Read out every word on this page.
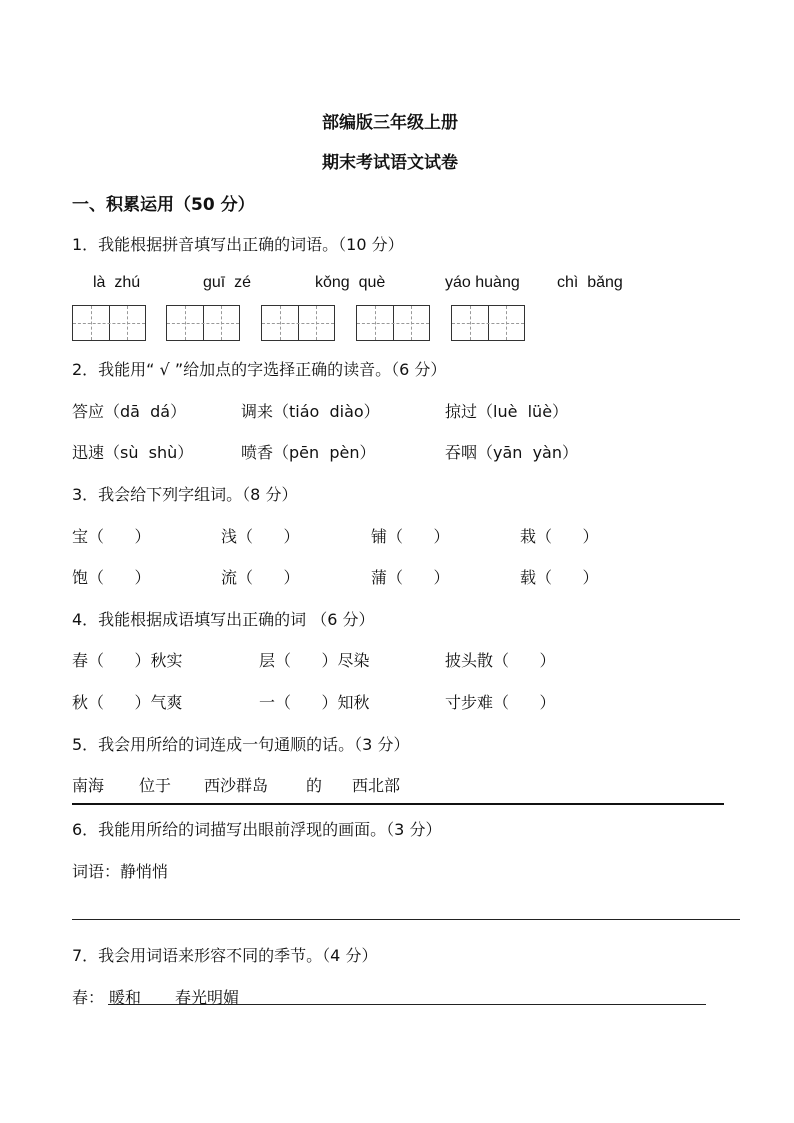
部编版三年级上册
期末考试语文试卷
一、积累运用（50 分）
1．我能根据拼音填写出正确的词语。（10 分）
là  zhú	guī  zé	kǒng  què	yáo huàng chì  bǎng
2．我能用“ √ ”给加点的字选择正确的读音。（6 分）
答应（dā  dá）	调来（tiáo  diào）	掠过（luè  lüè）
迅速（sù  shù）	喷香（pēn  pèn）	吞咽（yān  yàn）
3．我会给下列字组词。（8 分）
宝（      ）	浅（      ）	铺（      ）	栽（      ）
饱（      ）	流（      ）	蒲（      ）	载（      ）
4．我能根据成语填写出正确的词 （6 分）
春（      ）秋实	层（      ）尽染	披头散（      ）
秋（      ）气爽	一（      ）知秋	寸步难（      ）
5．我会用所给的词连成一句通顺的话。（3 分）
南海 位于 西沙群岛 的 西北部
6．我能用所给的词描写出眼前浮现的画面。（3 分）
词语：静悄悄
7．我会用词语来形容不同的季节。（4 分）
春： 暖和 春光明媚
